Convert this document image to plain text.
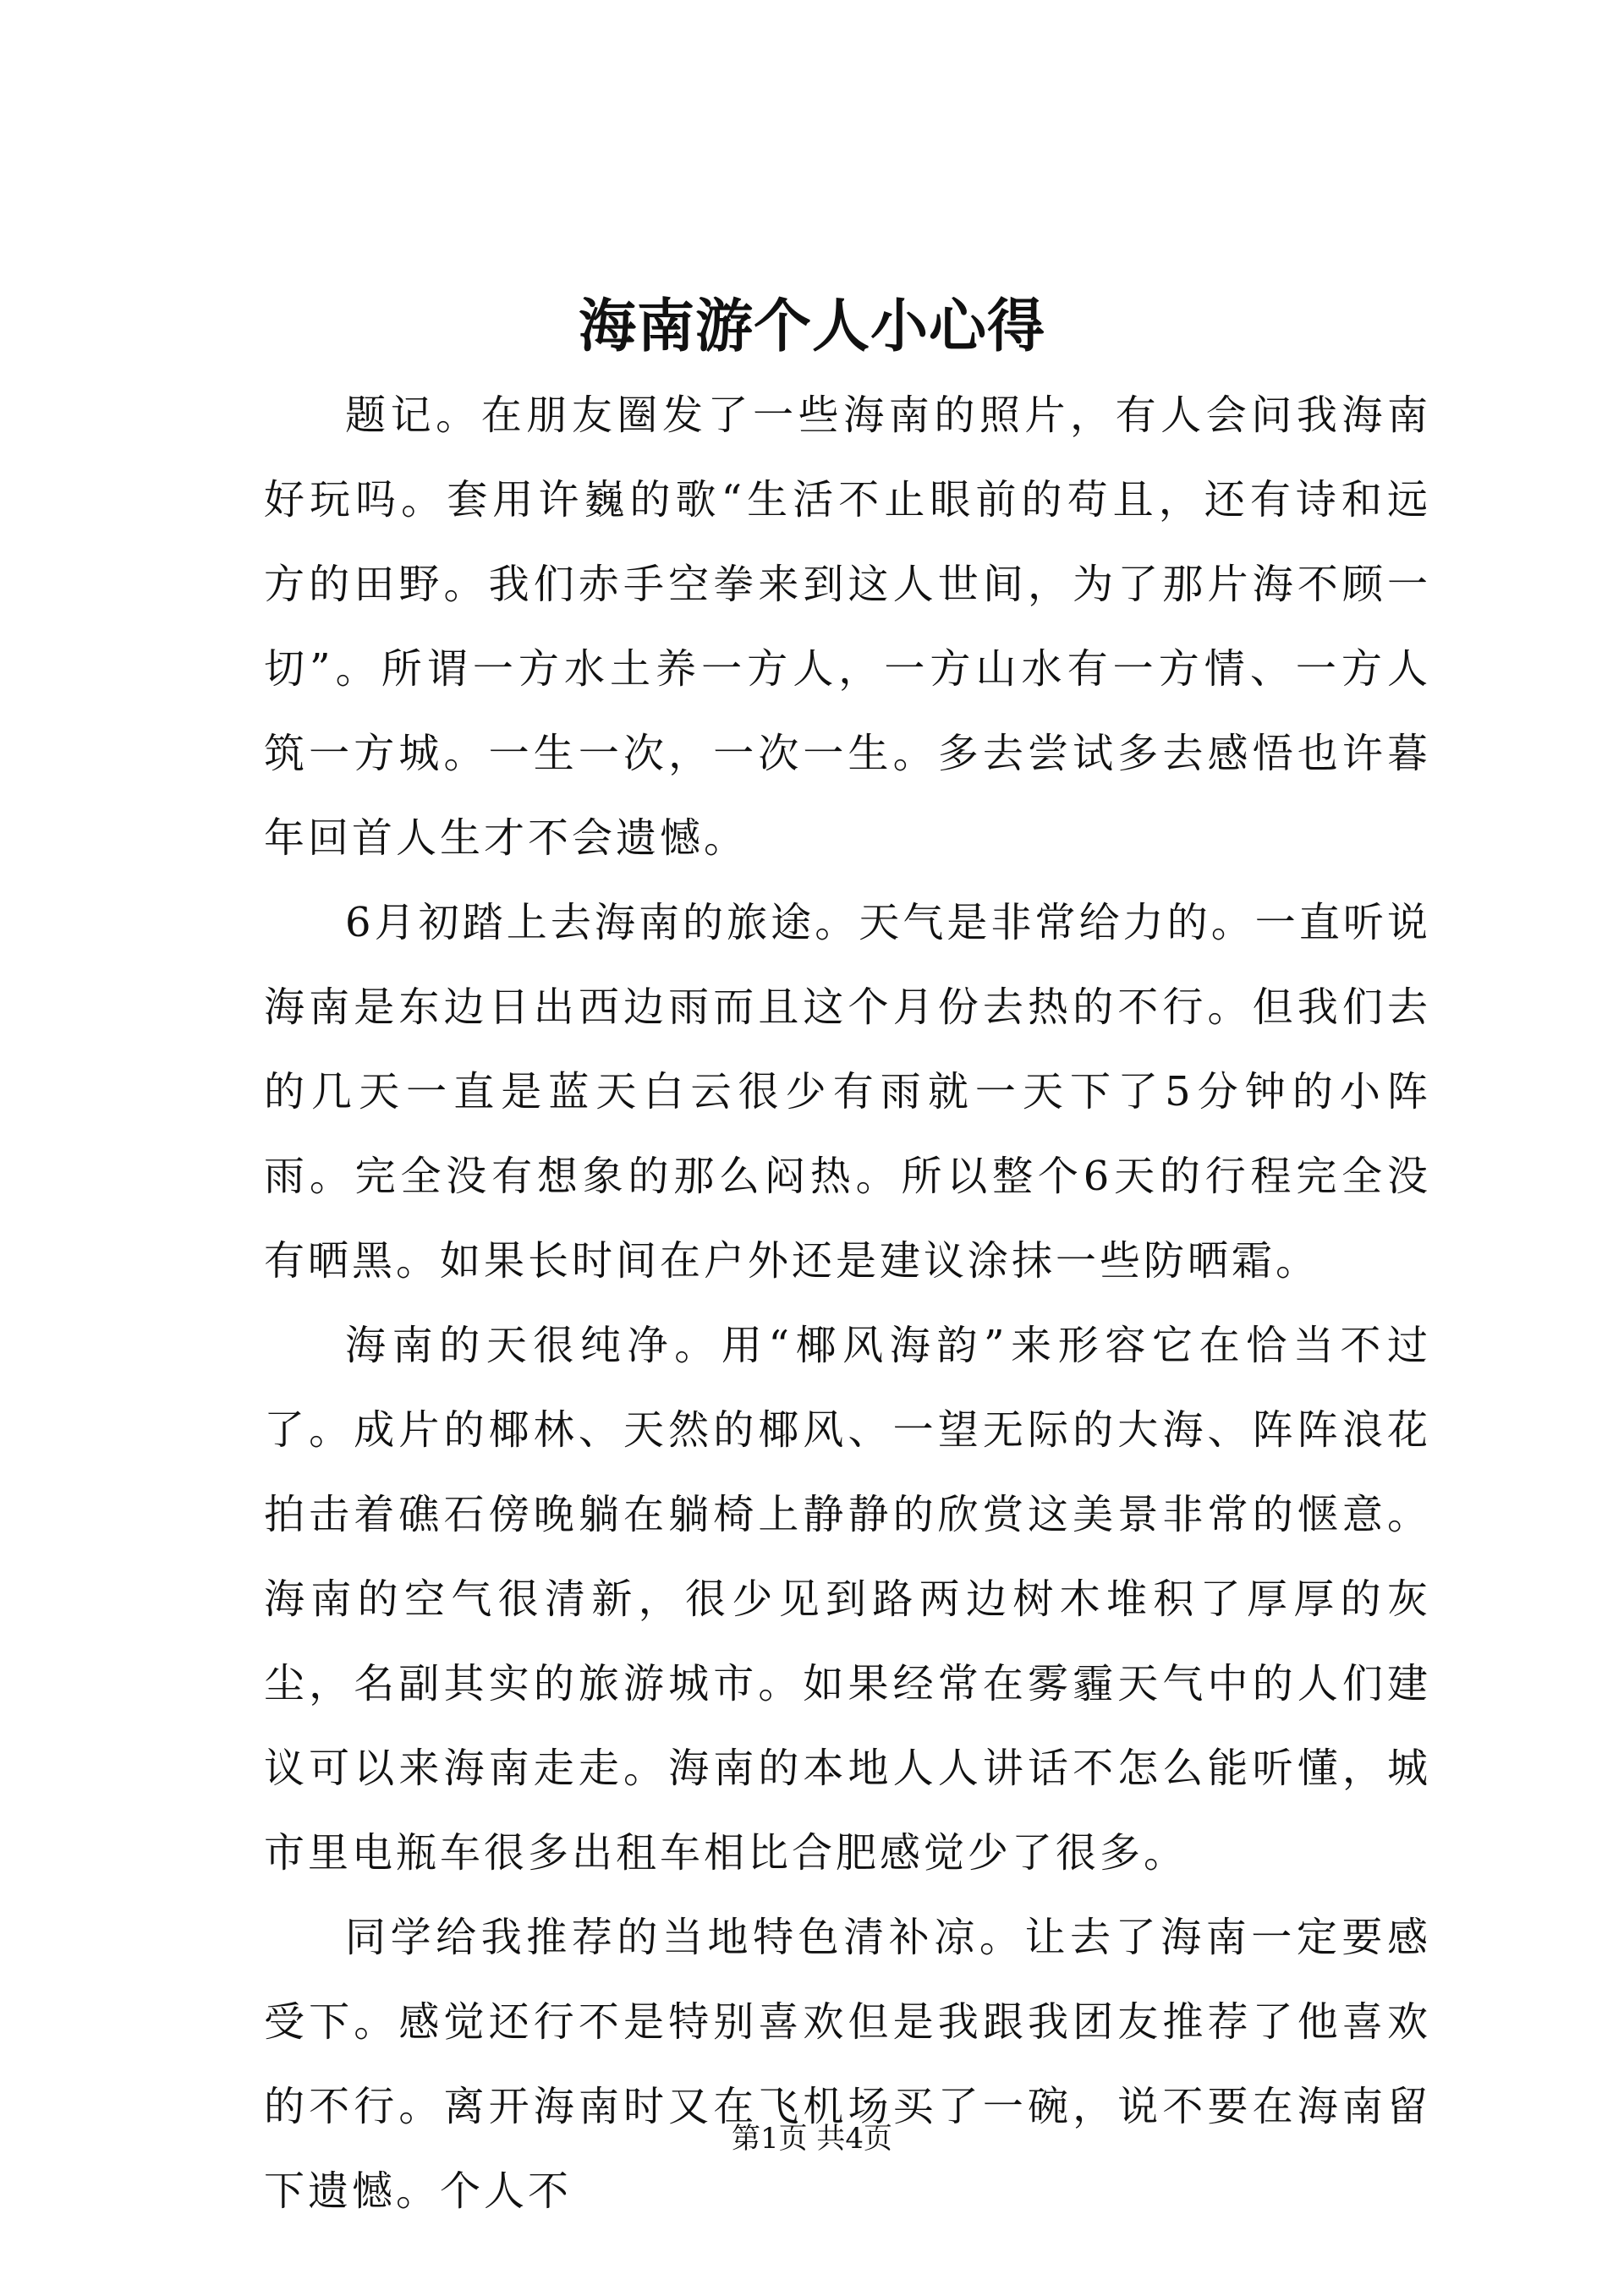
海南游个人小心得

题记。在朋友圈发了一些海南的照片，有人会问我海南好玩吗。套用许巍的歌“生活不止眼前的苟且，还有诗和远方的田野。我们赤手空拳来到这人世间，为了那片海不顾一切”。所谓一方水土养一方人，一方山水有一方情、一方人筑一方城。一生一次，一次一生。多去尝试多去感悟也许暮年回首人生才不会遗憾。

6月初踏上去海南的旅途。天气是非常给力的。一直听说海南是东边日出西边雨而且这个月份去热的不行。但我们去的几天一直是蓝天白云很少有雨就一天下了5分钟的小阵雨。完全没有想象的那么闷热。所以整个6天的行程完全没有晒黑。如果长时间在户外还是建议涂抹一些防晒霜。

海南的天很纯净。用“椰风海韵”来形容它在恰当不过了。成片的椰林、天然的椰风、一望无际的大海、阵阵浪花拍击着礁石傍晚躺在躺椅上静静的欣赏这美景非常的惬意。海南的空气很清新，很少见到路两边树木堆积了厚厚的灰尘，名副其实的旅游城市。如果经常在雾霾天气中的人们建议可以来海南走走。海南的本地人人讲话不怎么能听懂，城市里电瓶车很多出租车相比合肥感觉少了很多。

同学给我推荐的当地特色清补凉。让去了海南一定要感受下。感觉还行不是特别喜欢但是我跟我团友推荐了他喜欢的不行。离开海南时又在飞机场买了一碗，说不要在海南留下遗憾。个人不

第1页 共4页
